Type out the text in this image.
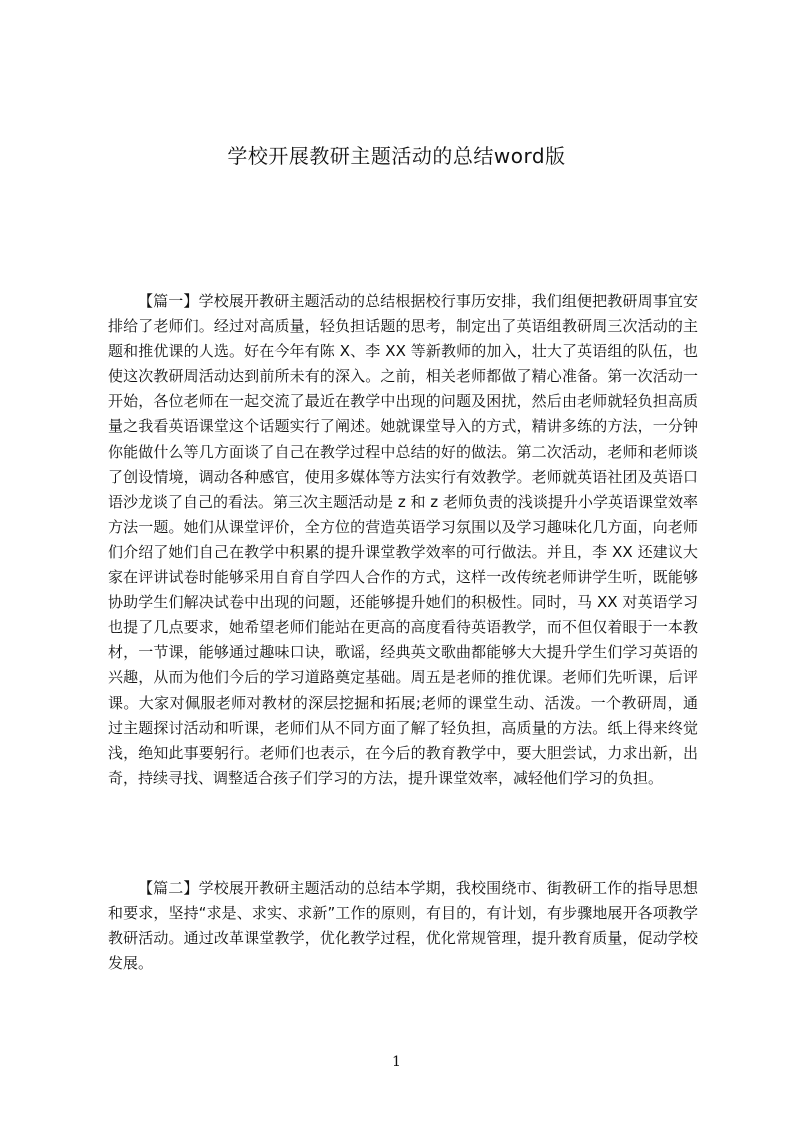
学校开展教研主题活动的总结word版

【篇一】学校展开教研主题活动的总结根据校行事历安排，我们组便把教研周事宜安排给了老师们。经过对高质量，轻负担话题的思考，制定出了英语组教研周三次活动的主题和推优课的人选。好在今年有陈 X、李 XX 等新教师的加入，壮大了英语组的队伍，也使这次教研周活动达到前所未有的深入。之前，相关老师都做了精心准备。第一次活动一开始，各位老师在一起交流了最近在教学中出现的问题及困扰，然后由老师就轻负担高质量之我看英语课堂这个话题实行了阐述。她就课堂导入的方式，精讲多练的方法，一分钟你能做什么等几方面谈了自己在教学过程中总结的好的做法。第二次活动，老师和老师谈了创设情境，调动各种感官，使用多媒体等方法实行有效教学。老师就英语社团及英语口语沙龙谈了自己的看法。第三次主题活动是 z 和 z 老师负责的浅谈提升小学英语课堂效率方法一题。她们从课堂评价，全方位的营造英语学习氛围以及学习趣味化几方面，向老师们介绍了她们自己在教学中积累的提升课堂教学效率的可行做法。并且，李 XX 还建议大家在评讲试卷时能够采用自育自学四人合作的方式，这样一改传统老师讲学生听，既能够协助学生们解决试卷中出现的问题，还能够提升她们的积极性。同时，马 XX 对英语学习也提了几点要求，她希望老师们能站在更高的高度看待英语教学，而不但仅着眼于一本教材，一节课，能够通过趣味口诀，歌谣，经典英文歌曲都能够大大提升学生们学习英语的兴趣，从而为他们今后的学习道路奠定基础。周五是老师的推优课。老师们先听课，后评课。大家对佩服老师对教材的深层挖掘和拓展;老师的课堂生动、活泼。一个教研周，通过主题探讨活动和听课，老师们从不同方面了解了轻负担，高质量的方法。纸上得来终觉浅，绝知此事要躬行。老师们也表示，在今后的教育教学中，要大胆尝试，力求出新，出奇，持续寻找、调整适合孩子们学习的方法，提升课堂效率，减轻他们学习的负担。

【篇二】学校展开教研主题活动的总结本学期，我校围绕市、街教研工作的指导思想和要求，坚持“求是、求实、求新”工作的原则，有目的，有计划，有步骤地展开各项教学教研活动。通过改革课堂教学，优化教学过程，优化常规管理，提升教育质量，促动学校发展。

1
